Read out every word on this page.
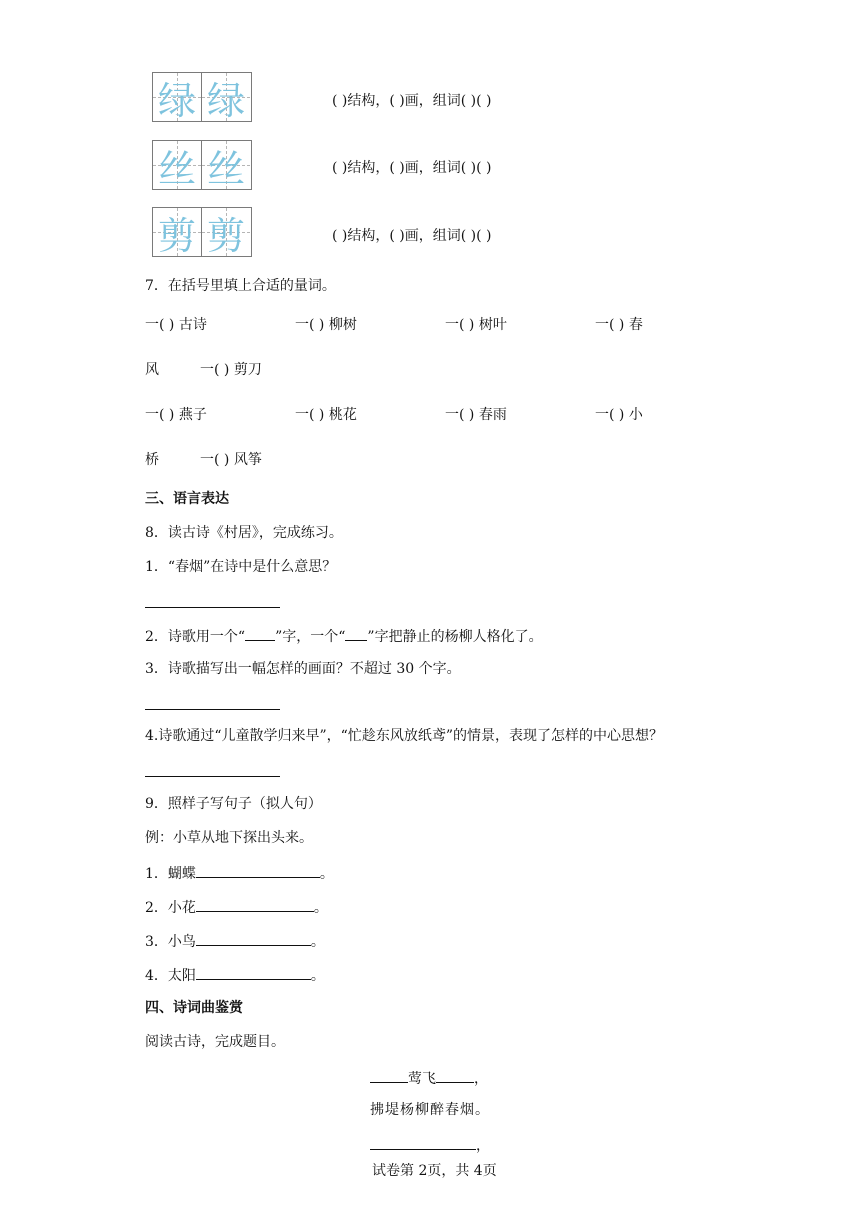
绿 绿	( )结构，( )画，组词( )( )
丝 丝	( )结构，( )画，组词( )( )
剪 剪	( )结构，( )画，组词( )( )
7．在括号里填上合适的量词。
一( ) 古诗	一( ) 柳树	一( ) 树叶	一( ) 春
风	一( ) 剪刀
一( ) 燕子	一( ) 桃花	一( ) 春雨	一( ) 小
桥	一( ) 风筝
三、语言表达
8．读古诗《村居》，完成练习。
1．“春烟”在诗中是什么意思？
2．诗歌用一个“ ”字，一个“ ”字把静止的杨柳人格化了。
3．诗歌描写出一幅怎样的画面？不超过 30 个字。
4.诗歌通过“儿童散学归来早”，“忙趁东风放纸鸢”的情景，表现了怎样的中心思想？
9．照样子写句子（拟人句）
例：小草从地下探出头来。
1．蝴蝶	。
2．小花	。
3．小鸟	。
4．太阳	。
四、诗词曲鉴赏
阅读古诗，完成题目。
莺飞	，
拂堤杨柳醉春烟。
，
试卷第 2页，共 4页
